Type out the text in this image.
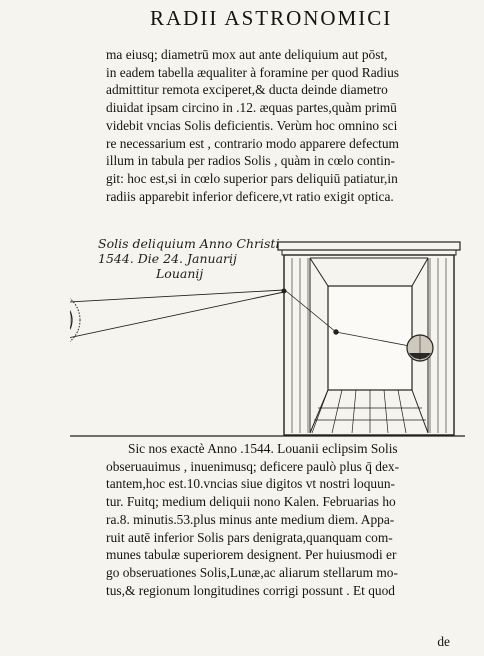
RADII ASTRONOMICI
ma eiusq; diametrū mox aut ante deliquium aut pōst,
in eadem tabella æqualiter à foramine per quod Radius
admittitur remota exciperet,& ducta deinde diametro
diuidat ipsam circino in .12. æquas partes,quàm primū
videbit vncias Solis deficientis. Verùm hoc omnino sci
re necessarium est , contrario modo apparere defectum
illum in tabula per radios Solis , quàm in cœlo contin-
git: hoc est,si in cœlo superior pars deliquiū patiatur,in
radiis apparebit inferior deficere,vt ratio exigit optica.
Solis deliquium Anno Christi
1544. Die 24. Januarij
Louanij
Sic nos exactè Anno .1544. Louanii eclipsim Solis
obseruauimus , inuenimusq; deficere paulò plus q̄ dex-
tantem,hoc est.10.vncias siue digitos vt nostri loquun-
tur. Fuitq; medium deliquii nono Kalen. Februarias ho
ra.8. minutis.53.plus minus ante medium diem. Appa-
ruit autē inferior Solis pars denigrata,quanquam com-
munes tabulæ superiorem designent. Per huiusmodi er
go obseruationes Solis,Lunæ,ac aliarum stellarum mo-
tus,& regionum longitudines corrigi possunt . Et quod
de
